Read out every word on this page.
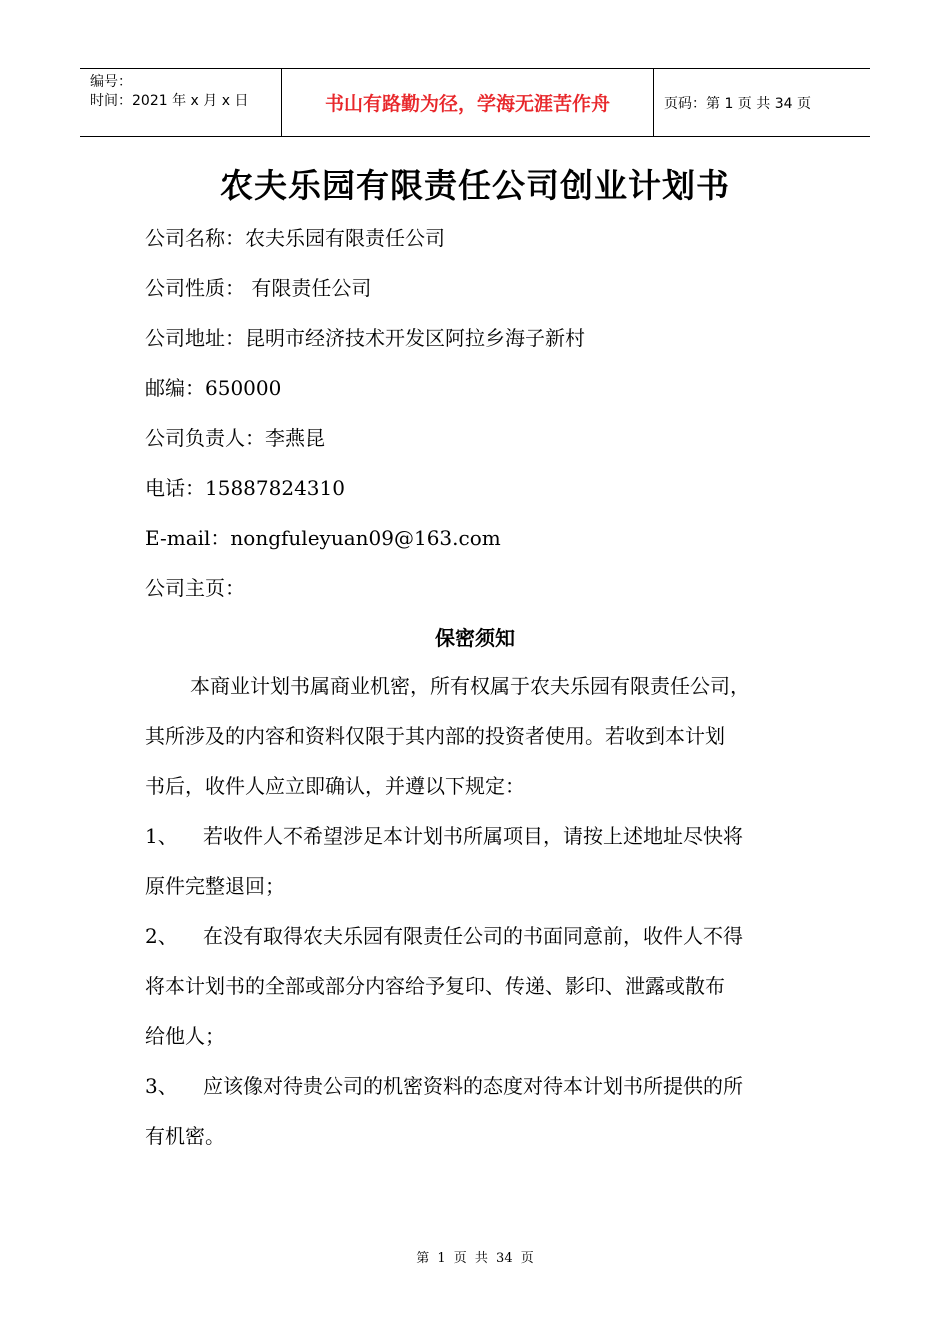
编号：
时间：2021 年 x 月 x 日	书山有路勤为径，学海无涯苦作舟	页码：第 1 页 共 34 页
农夫乐园有限责任公司创业计划书
公司名称：农夫乐园有限责任公司
公司性质： 有限责任公司
公司地址：昆明市经济技术开发区阿拉乡海子新村
邮编：650000
公司负责人：李燕昆
电话：15887824310
E-mail：nongfuleyuan09@163.com
公司主页：
保密须知
本商业计划书属商业机密，所有权属于农夫乐园有限责任公司，
其所涉及的内容和资料仅限于其内部的投资者使用。若收到本计划
书后，收件人应立即确认，并遵以下规定：
1、 若收件人不希望涉足本计划书所属项目，请按上述地址尽快将
原件完整退回；
2、 在没有取得农夫乐园有限责任公司的书面同意前，收件人不得
将本计划书的全部或部分内容给予复印、传递、影印、泄露或散布
给他人；
3、 应该像对待贵公司的机密资料的态度对待本计划书所提供的所
有机密。
第 1 页 共 34 页
